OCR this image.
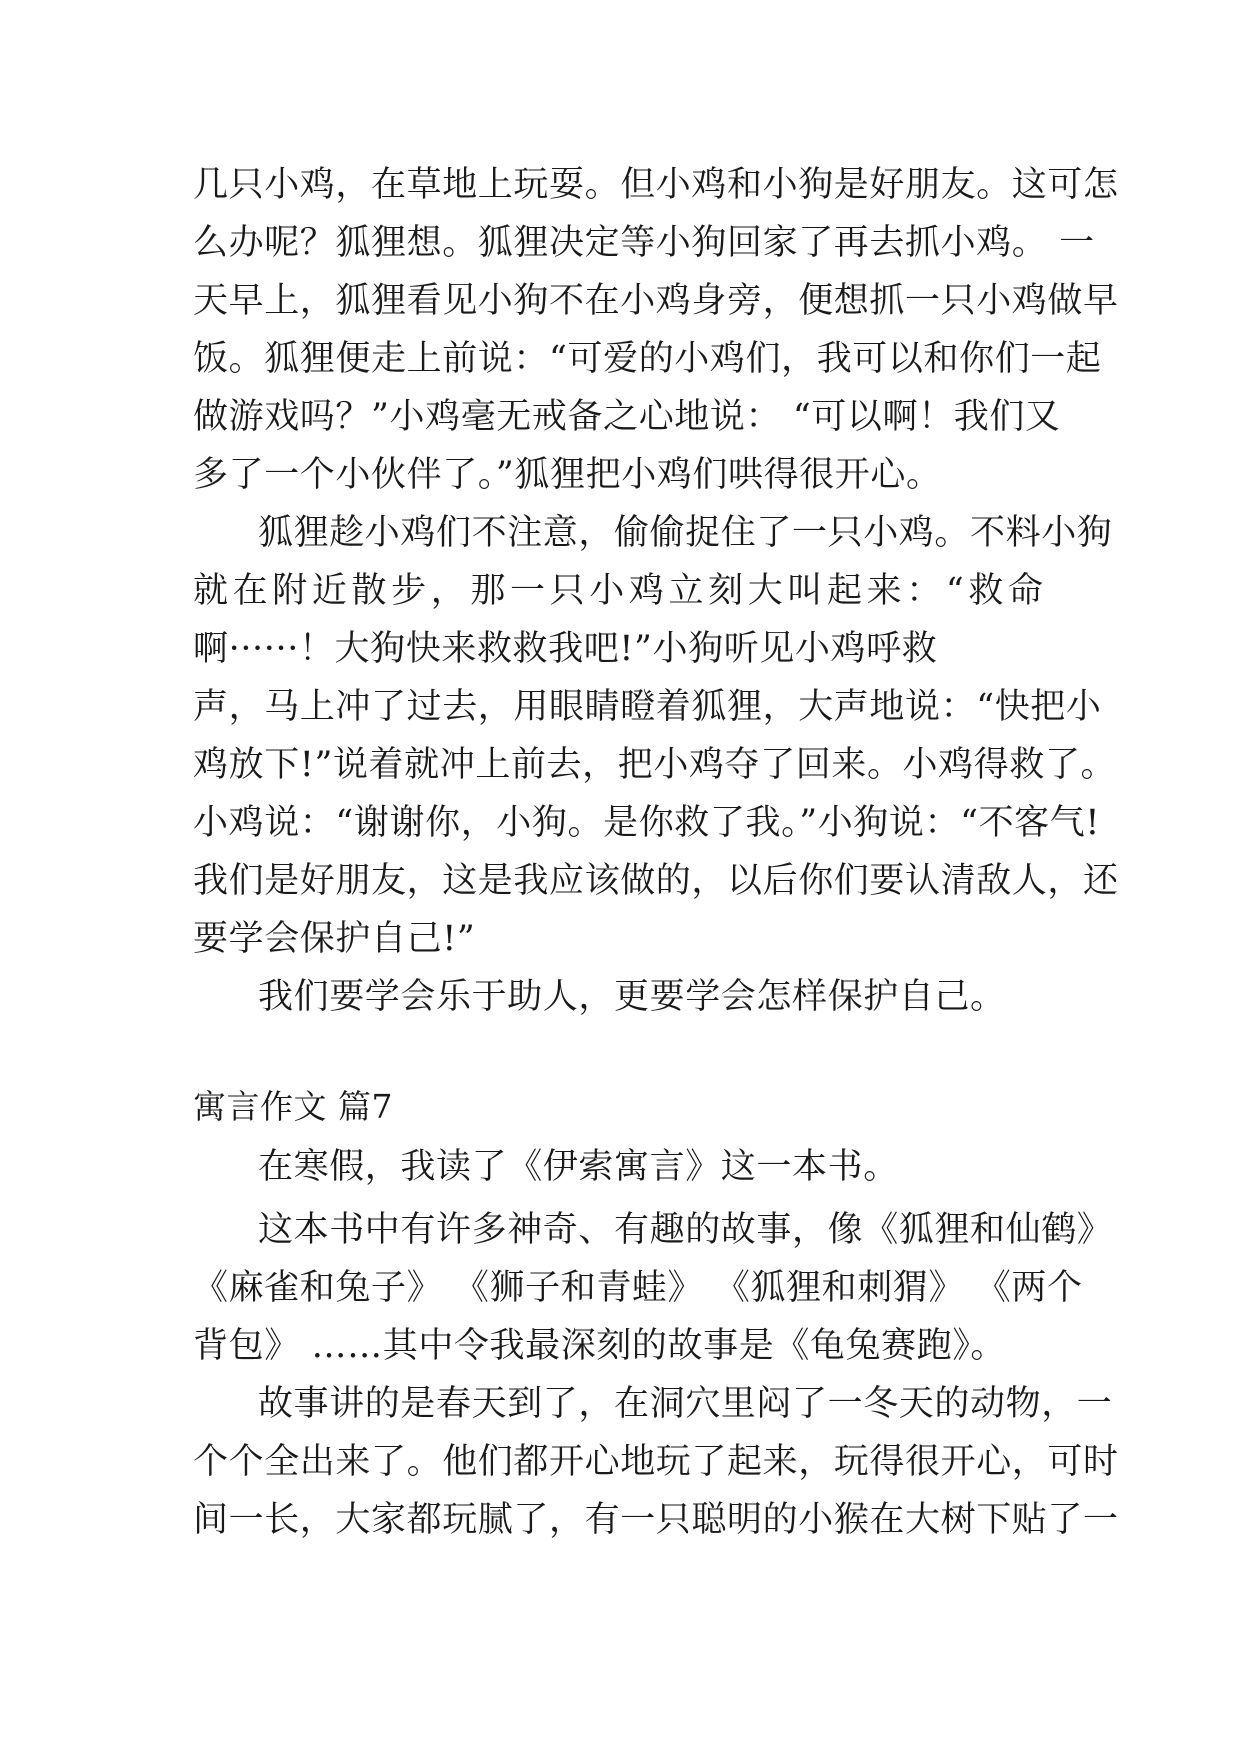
几只小鸡，在草地上玩耍。但小鸡和小狗是好朋友。这可怎
么办呢？狐狸想。狐狸决定等小狗回家了再去抓小鸡。 一
天早上，狐狸看见小狗不在小鸡身旁，便想抓一只小鸡做早
饭。狐狸便走上前说：“可爱的小鸡们，我可以和你们一起
做游戏吗？”小鸡毫无戒备之心地说： “可以啊！我们又
多了一个小伙伴了。”狐狸把小鸡们哄得很开心。
狐狸趁小鸡们不注意，偷偷捉住了一只小鸡。不料小狗
就在附近散步，那一只小鸡立刻大叫起来：“救命
啊······！大狗快来救救我吧!”小狗听见小鸡呼救
声，马上冲了过去，用眼睛瞪着狐狸，大声地说：“快把小
鸡放下!”说着就冲上前去，把小鸡夺了回来。小鸡得救了。
小鸡说：“谢谢你，小狗。是你救了我。”小狗说：“不客气!
我们是好朋友，这是我应该做的，以后你们要认清敌人，还
要学会保护自己!”
我们要学会乐于助人，更要学会怎样保护自己。
寓言作文 篇7
在寒假，我读了《伊索寓言》这一本书。
这本书中有许多神奇、有趣的故事，像《狐狸和仙鹤》
《麻雀和兔子》 《狮子和青蛙》 《狐狸和刺猬》 《两个
背包》 ……其中令我最深刻的故事是《龟兔赛跑》。
故事讲的是春天到了，在洞穴里闷了一冬天的动物，一
个个全出来了。他们都开心地玩了起来，玩得很开心，可时
间一长，大家都玩腻了，有一只聪明的小猴在大树下贴了一
